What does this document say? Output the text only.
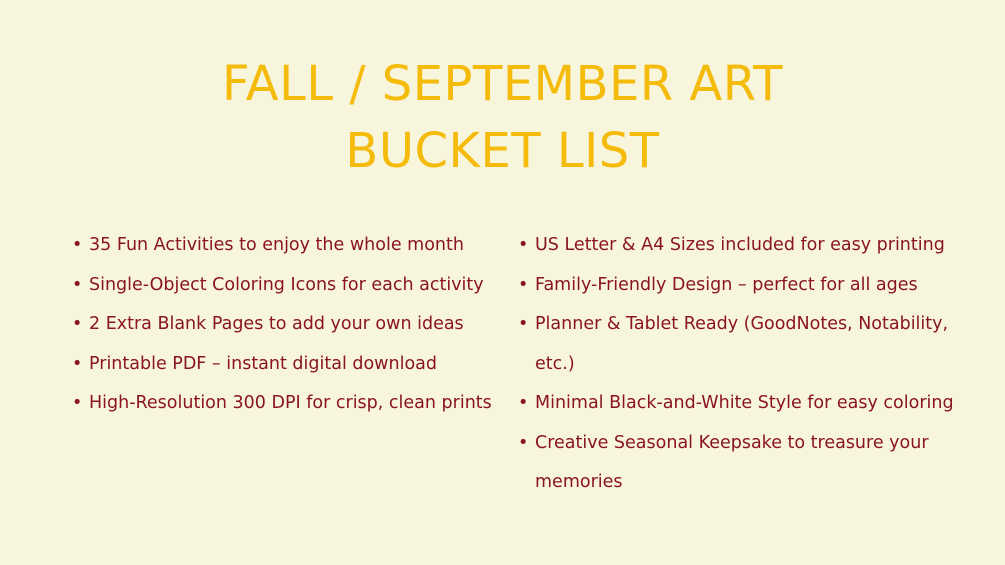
FALL / SEPTEMBER ART
BUCKET LIST
• 35 Fun Activities to enjoy the whole month
• Single-Object Coloring Icons for each activity
• 2 Extra Blank Pages to add your own ideas
• Printable PDF – instant digital download
• High-Resolution 300 DPI for crisp, clean prints
• US Letter & A4 Sizes included for easy printing
• Family-Friendly Design – perfect for all ages
• Planner & Tablet Ready (GoodNotes, Notability,
etc.)
• Minimal Black-and-White Style for easy coloring
• Creative Seasonal Keepsake to treasure your
memories
